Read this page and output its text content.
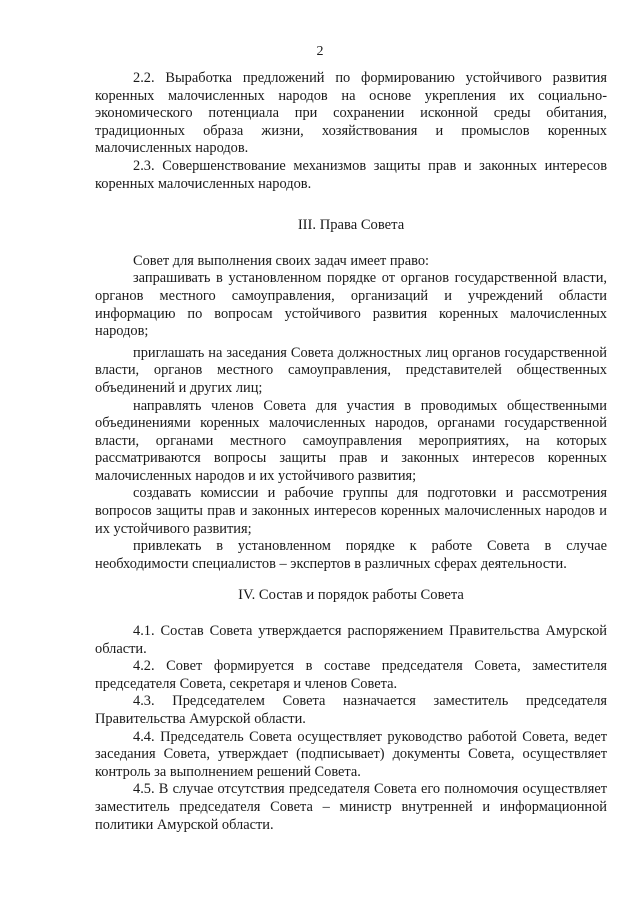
2

2.2. Выработка предложений по формированию устойчивого развития коренных малочисленных народов на основе укрепления их социально-экономического потенциала при сохранении исконной среды обитания, традиционных образа жизни, хозяйствования и промыслов коренных малочисленных народов.

2.3. Совершенствование механизмов защиты прав и законных интересов коренных малочисленных народов.

III. Права Совета

Совет для выполнения своих задач имеет право:

запрашивать в установленном порядке от органов государственной власти, органов местного самоуправления, организаций и учреждений области информацию по вопросам устойчивого развития коренных малочисленных народов;

приглашать на заседания Совета должностных лиц органов государственной власти, органов местного самоуправления, представителей общественных объединений и других лиц;

направлять членов Совета для участия в проводимых общественными объединениями коренных малочисленных народов, органами государственной власти, органами местного самоуправления мероприятиях, на которых рассматриваются вопросы защиты прав и законных интересов коренных малочисленных народов и их устойчивого развития;

создавать комиссии и рабочие группы для подготовки и рассмотрения вопросов защиты прав и законных интересов коренных малочисленных народов и их устойчивого развития;

привлекать в установленном порядке к работе Совета в случае необходимости специалистов – экспертов в различных сферах деятельности.

IV. Состав и порядок работы Совета

4.1. Состав Совета утверждается распоряжением Правительства Амурской области.

4.2. Совет формируется в составе председателя Совета, заместителя председателя Совета, секретаря и членов Совета.

4.3. Председателем Совета назначается заместитель председателя Правительства Амурской области.

4.4. Председатель Совета осуществляет руководство работой Совета, ведет заседания Совета, утверждает (подписывает) документы Совета, осуществляет контроль за выполнением решений Совета.

4.5. В случае отсутствия председателя Совета его полномочия осуществляет заместитель председателя Совета – министр внутренней и информационной политики Амурской области.
